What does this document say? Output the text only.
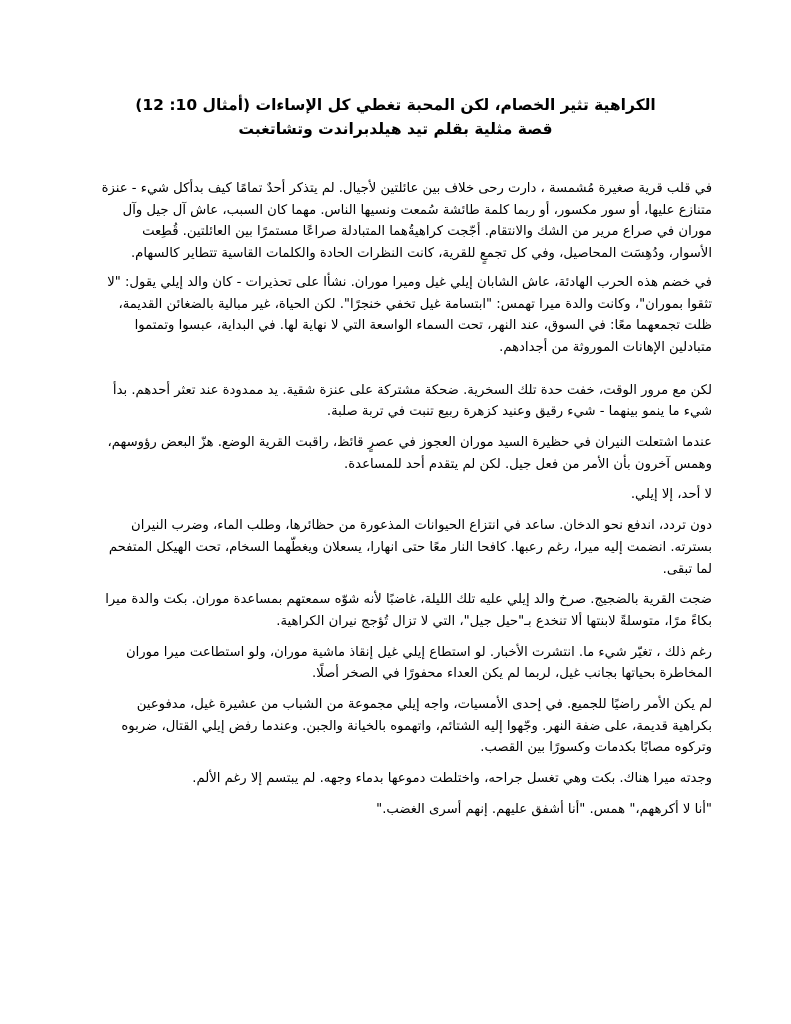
الكراهية تثير الخصام، لكن المحبة تغطي كل الإساءات (أمثال 10: 12)
قصة مثلية بقلم تيد هيلدبراندت وتشاتغبت

في قلب قرية صغيرة مُشمسة ، دارت رحى خلاف بين عائلتين لأجيال. لم يتذكر أحدٌ تمامًا كيف بدأكل شيء - عنزة متنازع عليها، أو سور مكسور، أو ربما كلمة طائشة سُمعت ونسيها الناس. مهما كان السبب، عاش آل جيل وآل موران في صراع مرير من الشك والانتقام. أجّجت كراهيةُهما المتبادلة صراعًا مستمرًا بين العائلتين. قُطِعت الأسوار، ودُهِسَت المحاصيل، وفي كل تجمعٍ للقرية، كانت النظرات الحادة والكلمات القاسية تتطاير كالسهام.

في خضم هذه الحرب الهادئة، عاش الشابان إيلي غيل وميرا موران. نشأا على تحذيرات - كان والد إيلي يقول: "لا تثقوا بموران"، وكانت والدة ميرا تهمس: "ابتسامة غيل تخفي خنجرًا". لكن الحياة، غير مبالية بالضغائن القديمة، ظلت تجمعهما معًا: في السوق، عند النهر، تحت السماء الواسعة التي لا نهاية لها. في البداية، عبسوا وتمتموا متبادلين الإهانات الموروثة من أجدادهم.

لكن مع مرور الوقت، خفت حدة تلك السخرية. ضحكة مشتركة على عنزة شقية. يد ممدودة عند تعثر أحدهم. بدأ شيء ما ينمو بينهما - شيء رقيق وعنيد كزهرة ربيع تنبت في تربة صلبة.

عندما اشتعلت النيران في حظيرة السيد موران العجوز في عصرٍ قائظ، راقبت القرية الوضع. هزّ البعض رؤوسهم، وهمس آخرون بأن الأمر من فعل جيل. لكن لم يتقدم أحد للمساعدة.

لا أحد، إلا إيلي.

دون تردد، اندفع نحو الدخان. ساعد في انتزاع الحيوانات المذعورة من حظائرها، وطلب الماء، وضرب النيران بسترته. انضمت إليه ميرا، رغم رعبها. كافحا النار معًا حتى انهارا، يسعلان ويغطّهما السخام، تحت الهيكل المتفحم لما تبقى.

ضجت القرية بالضجيج. صرخ والد إيلي عليه تلك الليلة، غاضبًا لأنه شوّه سمعتهم بمساعدة موران. بكت والدة ميرا بكاءً مرًا، متوسلةً لابنتها ألا تنخدع بـ"حيل جيل"، التي لا تزال تُؤجج نيران الكراهية.

رغم ذلك ، تغيّر شيء ما. انتشرت الأخبار. لو استطاع إيلي غيل إنقاذ ماشية موران، ولو استطاعت ميرا موران المخاطرة بحياتها بجانب غيل، لربما لم يكن العداء محفورًا في الصخر أصلًا.

لم يكن الأمر راضيًا للجميع. في إحدى الأمسيات، واجه إيلي مجموعة من الشباب من عشيرة غيل، مدفوعين بكراهية قديمة، على ضفة النهر. وجّهوا إليه الشتائم، واتهموه بالخيانة والجبن. وعندما رفض إيلي القتال، ضربوه وتركوه مصابًا بكدمات وكسورًا بين القصب.

وجدته ميرا هناك. بكت وهي تغسل جراحه، واختلطت دموعها بدماء وجهه. لم يبتسم إلا رغم الألم.

"أنا لا أكرههم،" همس. "أنا أشفق عليهم. إنهم أسرى الغضب."
